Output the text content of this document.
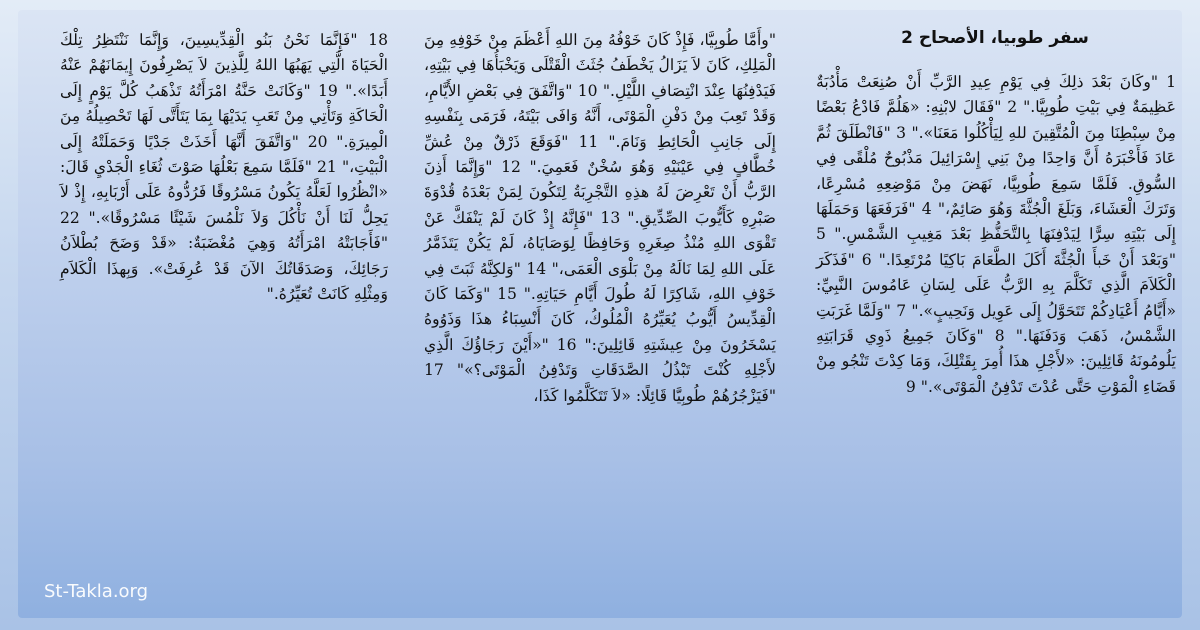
سفر طوبيا، الأصحاح 2

1 "وكَانَ بَعْدَ ذلِكَ فِي يَوْمِ عِيدِ الرَّبِّ أَنْ صُنِعَتْ مَأْدُبَةٌ عَظِيمَةٌ فِي بَيْتِ طُوبِيَّا." 2 "فَقَالَ لابْنِهِ: «هَلُمَّ فَادْعُ بَعْضًا مِنْ سِبْطِنَا مِنَ الْمُتَّقِينَ للهِ لِيَأْكُلُوا مَعَنَا»." 3 "فَانْطَلَقَ ثُمَّ عَادَ فَأَخْبَرَهُ أَنَّ وَاحِدًا مِنْ بَنِي إِسْرَائِيلَ مَذْبُوحٌ مُلْقًى فِي السُّوقِ. فَلَمَّا سَمِعَ طُوبِيَّا، نَهَضَ مِنْ مَوْضِعِهِ مُسْرِعًا، وَتَرَكَ الْعَشَاءَ، وَبَلَغَ الْجُثَّةَ وَهُوَ صَائِمٌ،" 4 "فَرَفَعَهَا وَحَمَلَهَا إِلَى بَيْتِهِ سِرًّا لِيَدْفِنَهَا بِالتَّحَفُّظِ بَعْدَ مَغِيبِ الشَّمْسِ." 5 "وَبَعْدَ أَنْ خَبأَ الْجُثَّةَ أَكَلَ الطَّعَامَ بَاكِيًا مُرْتَعِدًا." 6 "فَذَكَرَ الْكَلاَمَ الَّذِي تَكَلَّمَ بِهِ الرَّبُّ عَلَى لِسَانِ عَامُوسَ النَّبِيِّ: «أَيَّامُ أَعْيَادِكُمْ تَتَحَوَّلُ إِلَى عَوِيل وَنَحِيبٍ»." 7 "وَلَمَّا غَرَبَتِ الشَّمْسُ، ذَهَبَ وَدَفَنَهَا." 8 "وَكَانَ جَمِيعُ ذَوِي قَرَابَتِهِ يَلُومُونَهُ قَائِلِينَ: «لأَجْلِ هذَا أُمِرَ بِقَتْلِكَ، وَمَا كِدْتَ تَنْجُو مِنْ قَضَاءِ الْمَوْتِ حَتَّى عُدْتَ تَدْفِنُ الْمَوْتَى»." 9

"وأَمَّا طُوبِيَّا، فَإِذْ كَانَ خَوْفُهُ مِنَ اللهِ أَعْظَمَ مِنْ خَوْفِهِ مِنَ الْمَلِكِ، كَانَ لاَ يَزَالُ يَخْطَفُ جُثَثَ الْقَتْلَى وَيَخْبَأُهَا فِي بَيْتِهِ، فَيَدْفِنُهَا عِنْدَ انْتِصَافِ اللَّيْلِ." 10 "وَاتَّفَقَ فِي بَعْضِ الأَيَّامِ، وَقَدْ تَعِبَ مِنْ دَفْنِ الْمَوْتَى، أَنَّهُ وَافَى بَيْتَهُ، فَرَمَى بِنَفْسِهِ إِلَى جَانِبِ الْحَائِطِ وَنَامَ." 11 "فَوَقَعَ ذَرْقٌ مِنْ عُشِّ خُطَّافٍ فِي عَيْنَيْهِ وَهُوَ سُخْنٌ فَعَمِيَ." 12 "وَإِنَّمَا أَذِنَ الرَّبُّ أَنْ تَعْرِضَ لَهُ هذِهِ التَّجْرِبَةُ لِتَكُونَ لِمَنْ بَعْدَهُ قُدْوَةَ صَبْرِهِ كَأَيُّوبَ الصِّدِّيقِ." 13 "فَإِنَّهُ إِذْ كَانَ لَمْ يَنْفَكَّ عَنْ تَقْوَى اللهِ مُنْذُ صِغَرِهِ وَحَافِظًا لِوَصَايَاهُ، لَمْ يَكُنْ يَتَذَمَّرُ عَلَى اللهِ لِمَا نَالَهُ مِنْ بَلْوَى الْعَمَى،" 14 "وَلكِنَّهُ ثَبَتَ فِي خَوْفِ اللهِ، شَاكِرًا لَهُ طُولَ أَيَّامِ حَيَاتِهِ." 15 "وَكَمَا كَانَ الْقِدِّيسُ أَيُّوبُ يُعَيِّرُهُ الْمُلُوكُ، كَانَ أَنْسِبَاءُ هذَا وَذَوُوهُ يَسْخَرُونَ مِنْ عِيشَتِهِ قَائِلِينَ:" 16 "«أَيْنَ رَجَاؤُكَ الَّذِي لأَجْلِهِ كُنْتَ تَبْذُلُ الصَّدَقَاتِ وَتَدْفِنُ الْمَوْتَى؟»" 17 "فَيَزْجُرُهُمْ طُوبِيَّا قَائِلًا: «لاَ تَتَكَلَّمُوا كَذَا،

18 "فَإِنَّمَا نَحْنُ بَنُو الْقِدِّيسِينَ، وَإِنَّمَا نَنْتَظِرُ تِلْكَ الْحَيَاةَ الَّتِي يَهَبُهَا اللهُ لِلَّذِينَ لاَ يَصْرِفُونَ إِيمَانَهُمْ عَنْهُ أَبَدًا»." 19 "وَكَانَتْ حَنَّةُ امْرَأَتُهُ تَذْهَبُ كُلَّ يَوْمٍ إِلَى الْحَاكَةِ وَتَأْتِي مِنْ تَعَبِ يَدَيْهَا بِمَا يَتَأَتَّى لَهَا تَحْصِيلُهُ مِنَ الْمِيرَةِ." 20 "وَاتَّفَقَ أَنَّهَا أَخَذَتْ جَدْيًا وَحَمَلَتْهُ إِلَى الْبَيْتِ،" 21 "فَلَمَّا سَمِعَ بَعْلُهَا صَوْتَ ثُغَاءِ الْجَدْيِ قَالَ: «انْظُرُوا لَعَلَّهُ يَكُونُ مَسْرُوقًا فَرُدُّوهُ عَلَى أَرْبَابِهِ، إِذْ لاَ يَحِلُّ لَنَا أَنْ نَأْكُلَ وَلاَ نَلْمُسَ شَيْئًا مَسْرُوقًا»." 22 "فَأَجَابَتْهُ امْرَأَتُهُ وَهِيَ مُغْضَبَةٌ: «قَدْ وَضَحَ بُطْلاَنُ رَجَائِكَ، وَصَدَقَاتُكَ الآنَ قَدْ عُرِفَتْ». وَبِهذَا الْكَلاَمِ وَمِثْلِهِ كَانَتْ تُعَيِّرُهُ."

St-Takla.org
